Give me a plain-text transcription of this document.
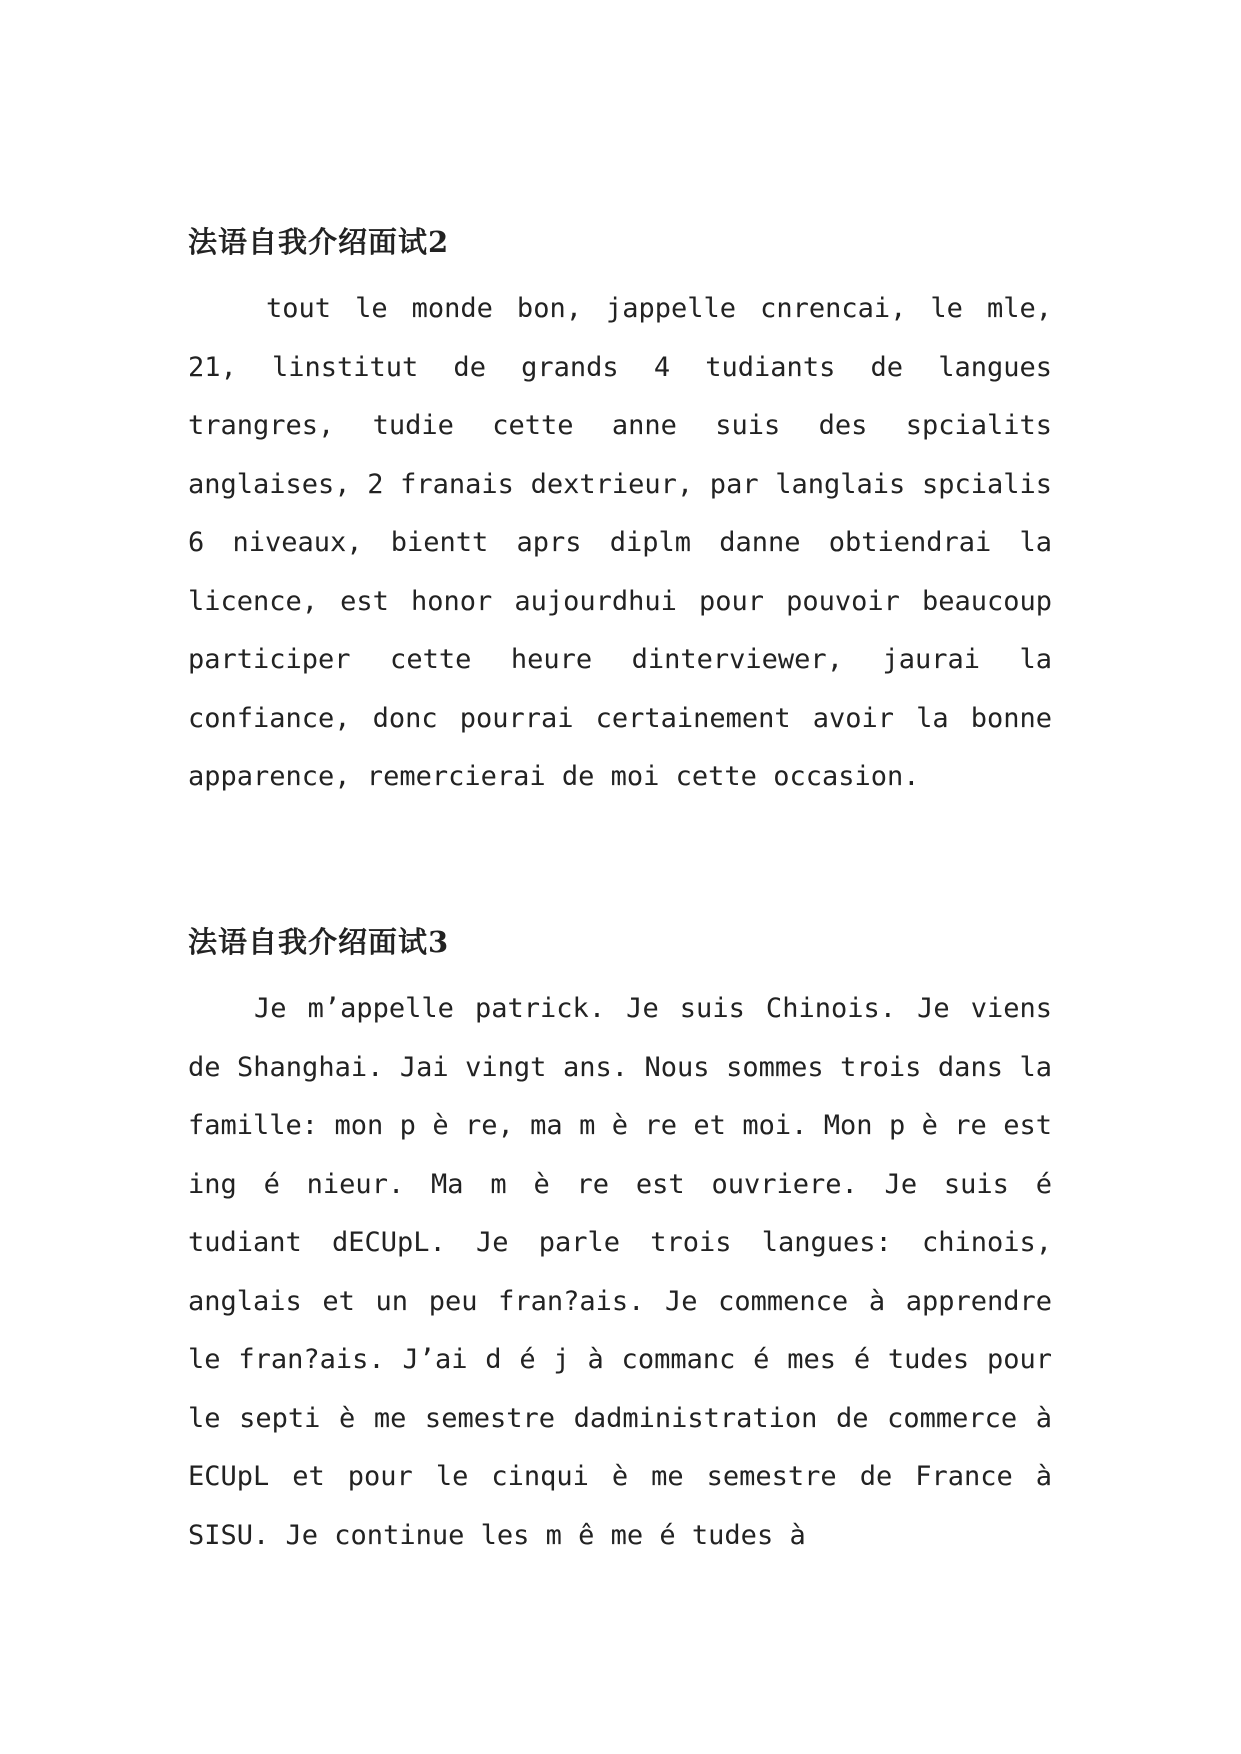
法语自我介绍面试2

tout le monde bon, jappelle cnrencai, le mle, 21, linstitut de grands 4 tudiants de langues trangres, tudie cette anne suis des spcialits anglaises, 2 franais dextrieur, par langlais spcialis 6 niveaux, bientt aprs diplm danne obtiendrai la licence, est honor aujourdhui pour pouvoir beaucoup participer cette heure dinterviewer, jaurai la confiance, donc pourrai certainement avoir la bonne apparence, remercierai de moi cette occasion.

法语自我介绍面试3

Je m’appelle patrick. Je suis Chinois. Je viens de Shanghai. Jai vingt ans. Nous sommes trois dans la famille: mon p è re, ma m è re et moi. Mon p è re est ing é nieur. Ma m è re est ouvriere. Je suis é tudiant dECUpL. Je parle trois langues: chinois, anglais et un peu fran?ais. Je commence à apprendre le fran?ais. J’ai d é j à commanc é mes é tudes pour le septi è me semestre dadministration de commerce à ECUpL et pour le cinqui è me semestre de France à SISU. Je continue les m ê me é tudes à
